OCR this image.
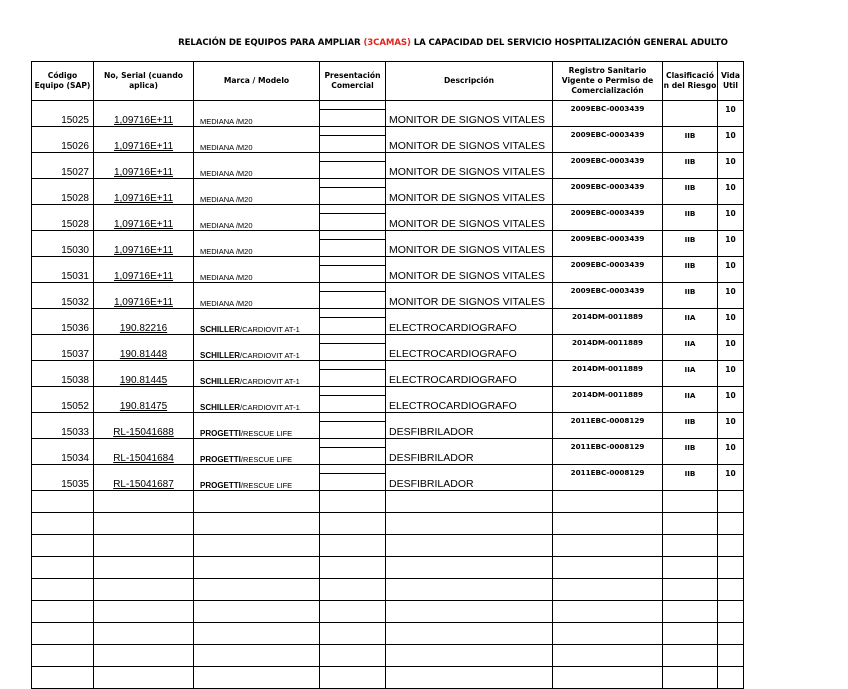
RELACIÓN DE EQUIPOS PARA AMPLIAR (3CAMAS) LA CAPACIDAD DEL SERVICIO HOSPITALIZACIÓN GENERAL ADULTO
Código Equipo (SAP)	No, Serial (cuando aplica)	Marca / Modelo	Presentación Comercial	Descripción	Registro Sanitario Vigente o Permiso de Comercialización	Clasificació n del Riesgo	Vida Util
15025	1,09716E+11	MEDIANA /M20		MONITOR DE SIGNOS VITALES	2009EBC-0003439		10
15026	1,09716E+11	MEDIANA /M20		MONITOR DE SIGNOS VITALES	2009EBC-0003439	IIB	10
15027	1,09716E+11	MEDIANA /M20		MONITOR DE SIGNOS VITALES	2009EBC-0003439	IIB	10
15028	1,09716E+11	MEDIANA /M20		MONITOR DE SIGNOS VITALES	2009EBC-0003439	IIB	10
15028	1,09716E+11	MEDIANA /M20		MONITOR DE SIGNOS VITALES	2009EBC-0003439	IIB	10
15030	1,09716E+11	MEDIANA /M20		MONITOR DE SIGNOS VITALES	2009EBC-0003439	IIB	10
15031	1,09716E+11	MEDIANA /M20		MONITOR DE SIGNOS VITALES	2009EBC-0003439	IIB	10
15032	1,09716E+11	MEDIANA /M20		MONITOR DE SIGNOS VITALES	2009EBC-0003439	IIB	10
15036	190.82216	SCHILLER/CARDIOVIT AT-1		ELECTROCARDIOGRAFO	2014DM-0011889	IIA	10
15037	190.81448	SCHILLER/CARDIOVIT AT-1		ELECTROCARDIOGRAFO	2014DM-0011889	IIA	10
15038	190.81445	SCHILLER/CARDIOVIT AT-1		ELECTROCARDIOGRAFO	2014DM-0011889	IIA	10
15052	190.81475	SCHILLER/CARDIOVIT AT-1		ELECTROCARDIOGRAFO	2014DM-0011889	IIA	10
15033	RL-15041688	PROGETTI/RESCUE LIFE		DESFIBRILADOR	2011EBC-0008129	IIB	10
15034	RL-15041684	PROGETTI/RESCUE LIFE		DESFIBRILADOR	2011EBC-0008129	IIB	10
15035	RL-15041687	PROGETTI/RESCUE LIFE		DESFIBRILADOR	2011EBC-0008129	IIB	10
